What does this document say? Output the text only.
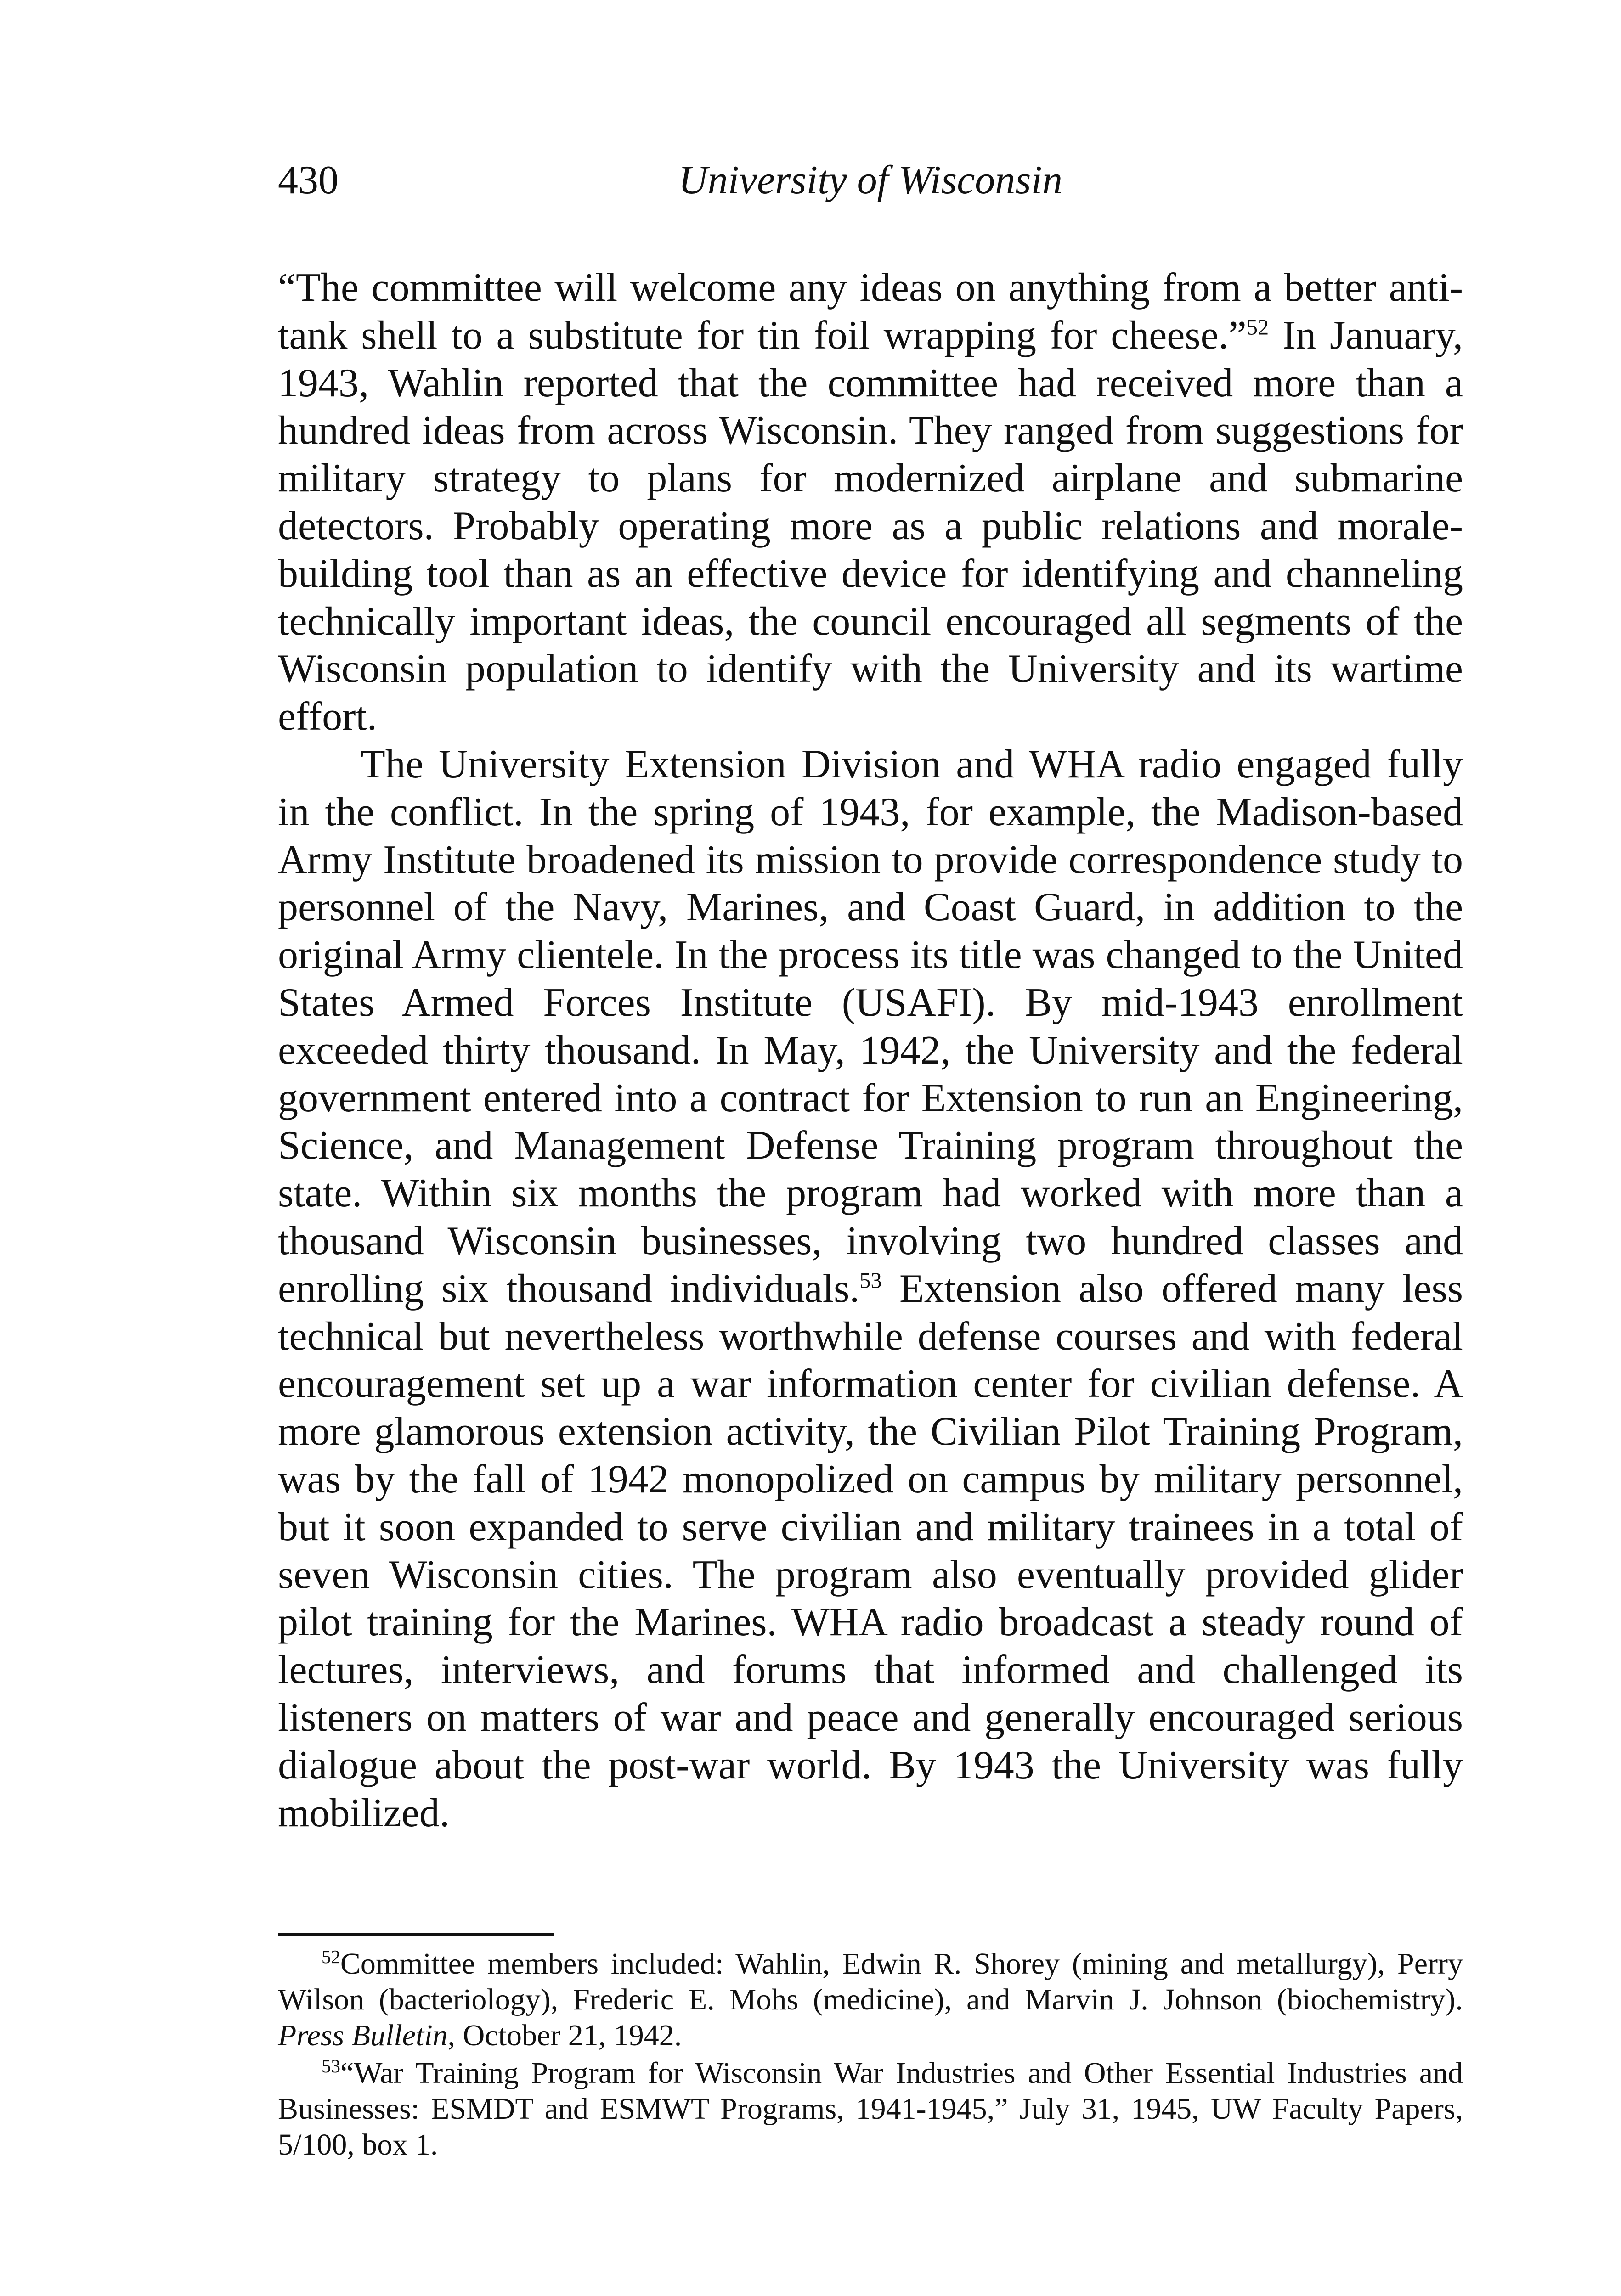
430	University of Wisconsin

“The committee will welcome any ideas on anything from a better anti-tank shell to a substitute for tin foil wrapping for cheese.”$^{52}$ In January, 1943, Wahlin reported that the committee had received more than a hundred ideas from across Wisconsin. They ranged from suggestions for military strategy to plans for modernized airplane and submarine detectors. Probably operating more as a public relations and morale-building tool than as an effective device for identifying and channeling technically important ideas, the council encouraged all segments of the Wisconsin population to identify with the University and its wartime effort.

The University Extension Division and WHA radio engaged fully in the conflict. In the spring of 1943, for example, the Madison-based Army Institute broadened its mission to provide correspondence study to personnel of the Navy, Marines, and Coast Guard, in addition to the original Army clientele. In the process its title was changed to the United States Armed Forces Institute (USAFI). By mid-1943 enrollment exceeded thirty thousand. In May, 1942, the University and the federal government entered into a contract for Extension to run an Engineering, Science, and Management Defense Training program throughout the state. Within six months the program had worked with more than a thousand Wisconsin businesses, involving two hundred classes and enrolling six thousand individuals.$^{53}$ Extension also offered many less technical but nevertheless worthwhile defense courses and with federal encouragement set up a war information center for civilian defense. A more glamorous extension activity, the Civilian Pilot Training Program, was by the fall of 1942 monopolized on campus by military personnel, but it soon expanded to serve civilian and military trainees in a total of seven Wisconsin cities. The program also eventually provided glider pilot training for the Marines. WHA radio broadcast a steady round of lectures, interviews, and forums that informed and challenged its listeners on matters of war and peace and generally encouraged serious dialogue about the post-war world. By 1943 the University was fully mobilized.

$^{52}$Committee members included: Wahlin, Edwin R. Shorey (mining and metallurgy), Perry Wilson (bacteriology), Frederic E. Mohs (medicine), and Marvin J. Johnson (biochemistry). Press Bulletin, October 21, 1942.

$^{53}$“War Training Program for Wisconsin War Industries and Other Essential Industries and Businesses: ESMDT and ESMWT Programs, 1941-1945,” July 31, 1945, UW Faculty Papers, 5/100, box 1.
